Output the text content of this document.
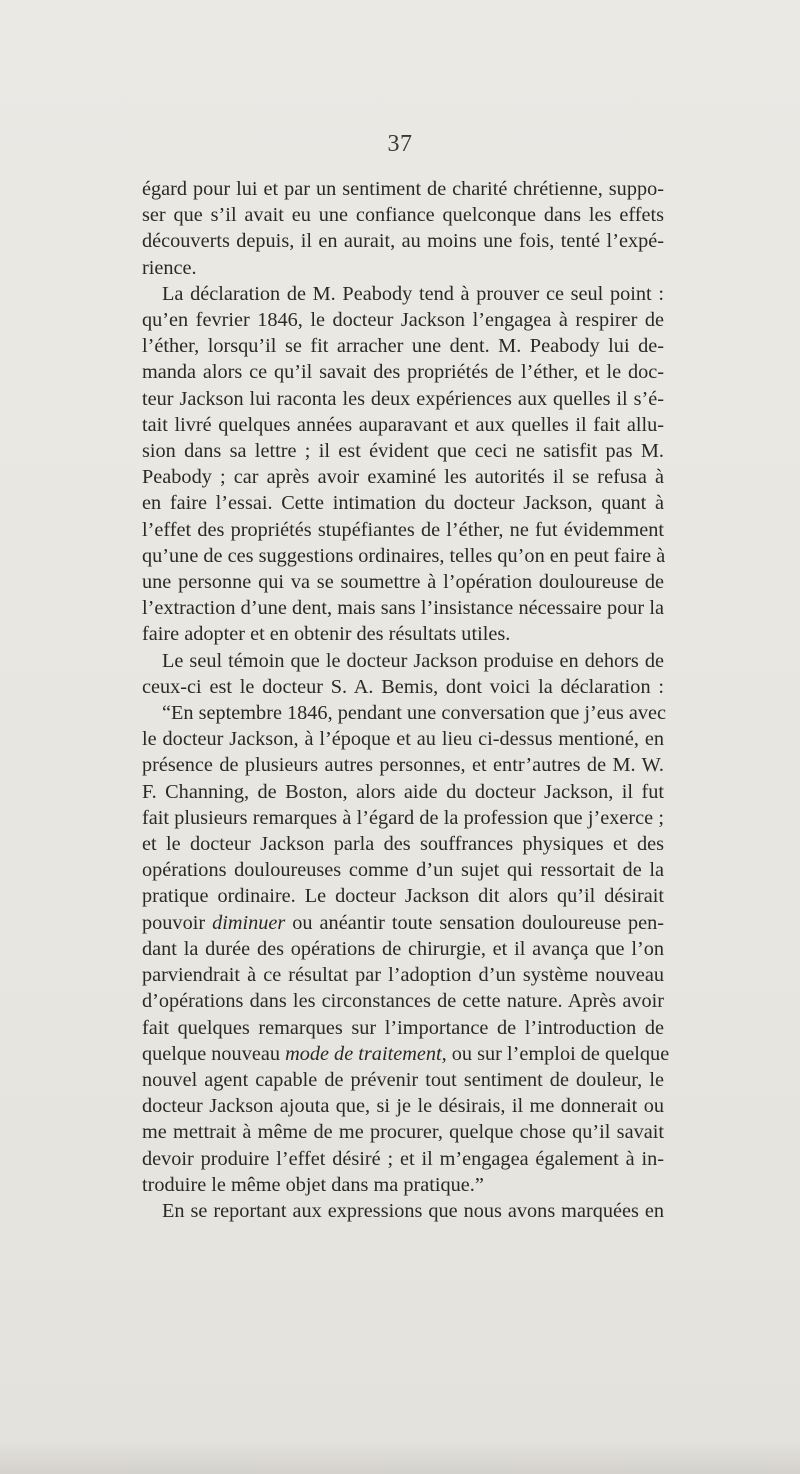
37
égard pour lui et par un sentiment de charité chrétienne, suppo-
ser que s’il avait eu une confiance quelconque dans les effets
découverts depuis, il en aurait, au moins une fois, tenté l’expé-
rience.
La déclaration de M. Peabody tend à prouver ce seul point :
qu’en fevrier 1846, le docteur Jackson l’engagea à respirer de
l’éther, lorsqu’il se fit arracher une dent. M. Peabody lui de-
manda alors ce qu’il savait des propriétés de l’éther, et le doc-
teur Jackson lui raconta les deux expériences aux quelles il s’é-
tait livré quelques années auparavant et aux quelles il fait allu-
sion dans sa lettre ; il est évident que ceci ne satisfit pas M.
Peabody ; car après avoir examiné les autorités il se refusa à
en faire l’essai. Cette intimation du docteur Jackson, quant à
l’effet des propriétés stupéfiantes de l’éther, ne fut évidemment
qu’une de ces suggestions ordinaires, telles qu’on en peut faire à
une personne qui va se soumettre à l’opération douloureuse de
l’extraction d’une dent, mais sans l’insistance nécessaire pour la
faire adopter et en obtenir des résultats utiles.
Le seul témoin que le docteur Jackson produise en dehors de
ceux-ci est le docteur S. A. Bemis, dont voici la déclaration :
“En septembre 1846, pendant une conversation que j’eus avec
le docteur Jackson, à l’époque et au lieu ci-dessus mentioné, en
présence de plusieurs autres personnes, et entr’autres de M. W.
F. Channing, de Boston, alors aide du docteur Jackson, il fut
fait plusieurs remarques à l’égard de la profession que j’exerce ;
et le docteur Jackson parla des souffrances physiques et des
opérations douloureuses comme d’un sujet qui ressortait de la
pratique ordinaire. Le docteur Jackson dit alors qu’il désirait
pouvoir diminuer ou anéantir toute sensation douloureuse pen-
dant la durée des opérations de chirurgie, et il avança que l’on
parviendrait à ce résultat par l’adoption d’un système nouveau
d’opérations dans les circonstances de cette nature. Après avoir
fait quelques remarques sur l’importance de l’introduction de
quelque nouveau mode de traitement, ou sur l’emploi de quelque
nouvel agent capable de prévenir tout sentiment de douleur, le
docteur Jackson ajouta que, si je le désirais, il me donnerait ou
me mettrait à même de me procurer, quelque chose qu’il savait
devoir produire l’effet désiré ; et il m’engagea également à in-
troduire le même objet dans ma pratique.”
En se reportant aux expressions que nous avons marquées en
